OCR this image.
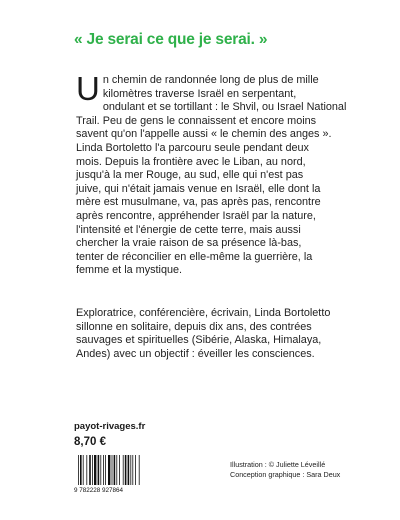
« Je serai ce que je serai. »
U n chemin de randonnée long de plus de mille
kilomètres traverse Israël en serpentant,
ondulant et se tortillant : le Shvil, ou Israel National
Trail. Peu de gens le connaissent et encore moins
savent qu'on l'appelle aussi « le chemin des anges ».
Linda Bortoletto l'a parcouru seule pendant deux
mois. Depuis la frontière avec le Liban, au nord,
jusqu'à la mer Rouge, au sud, elle qui n'est pas
juive, qui n'était jamais venue en Israël, elle dont la
mère est musulmane, va, pas après pas, rencontre
après rencontre, appréhender Israël par la nature,
l'intensité et l'énergie de cette terre, mais aussi
chercher la vraie raison de sa présence là-bas,
tenter de réconcilier en elle-même la guerrière, la
femme et la mystique.
Exploratrice, conférencière, écrivain, Linda Bortoletto
sillonne en solitaire, depuis dix ans, des contrées
sauvages et spirituelles (Sibérie, Alaska, Himalaya,
Andes) avec un objectif : éveiller les consciences.
payot-rivages.fr
8,70 €
9 782228 927864
Illustration : © Juliette Léveillé
Conception graphique : Sara Deux
